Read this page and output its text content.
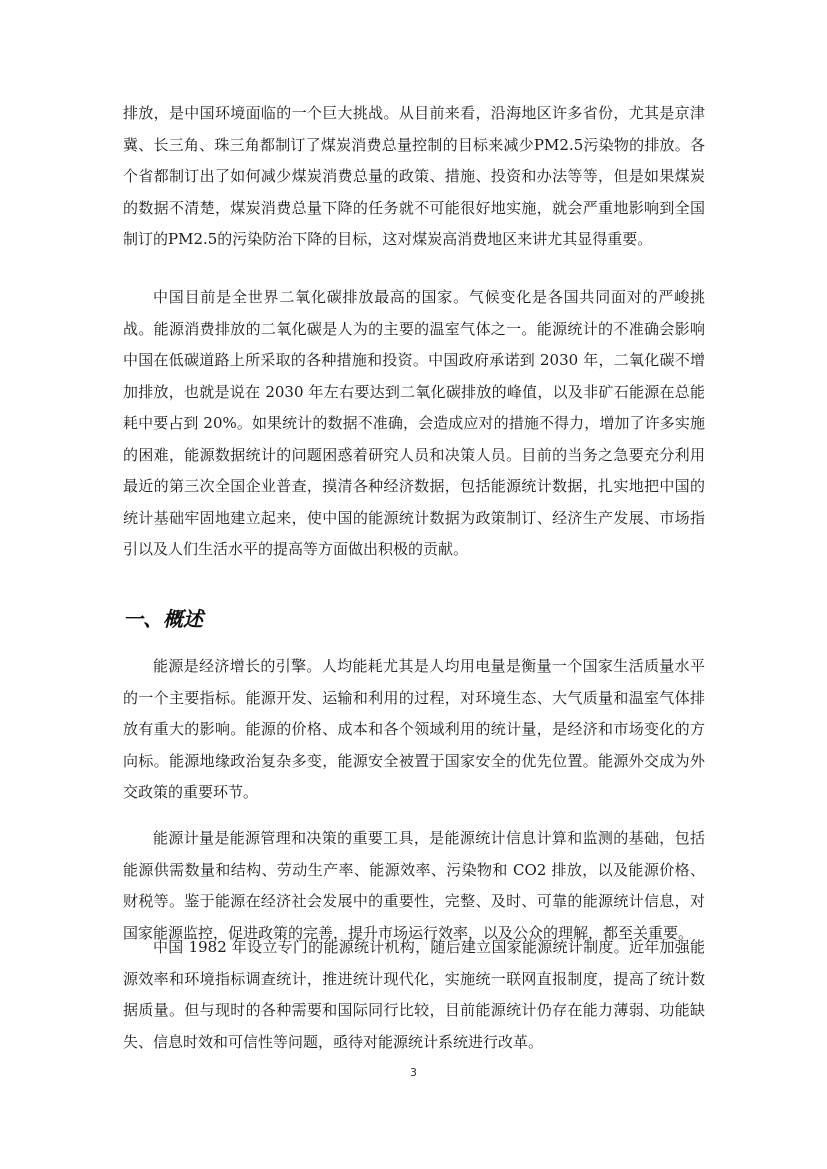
排放，是中国环境面临的一个巨大挑战。从目前来看，沿海地区许多省份，尤其是京津冀、长三角、珠三角都制订了煤炭消费总量控制的目标来减少PM2.5污染物的排放。各个省都制订出了如何减少煤炭消费总量的政策、措施、投资和办法等等，但是如果煤炭的数据不清楚，煤炭消费总量下降的任务就不可能很好地实施，就会严重地影响到全国制订的PM2.5的污染防治下降的目标，这对煤炭高消费地区来讲尤其显得重要。

中国目前是全世界二氧化碳排放最高的国家。气候变化是各国共同面对的严峻挑战。能源消费排放的二氧化碳是人为的主要的温室气体之一。能源统计的不准确会影响中国在低碳道路上所采取的各种措施和投资。中国政府承诺到 2030 年，二氧化碳不增加排放，也就是说在 2030 年左右要达到二氧化碳排放的峰值，以及非矿石能源在总能耗中要占到 20%。如果统计的数据不准确，会造成应对的措施不得力，增加了许多实施的困难，能源数据统计的问题困惑着研究人员和决策人员。目前的当务之急要充分利用最近的第三次全国企业普查，摸清各种经济数据，包括能源统计数据，扎实地把中国的统计基础牢固地建立起来，使中国的能源统计数据为政策制订、经济生产发展、市场指引以及人们生活水平的提高等方面做出积极的贡献。

一、概述

能源是经济增长的引擎。人均能耗尤其是人均用电量是衡量一个国家生活质量水平的一个主要指标。能源开发、运输和利用的过程，对环境生态、大气质量和温室气体排放有重大的影响。能源的价格、成本和各个领域利用的统计量，是经济和市场变化的方向标。能源地缘政治复杂多变，能源安全被置于国家安全的优先位置。能源外交成为外交政策的重要环节。

能源计量是能源管理和决策的重要工具，是能源统计信息计算和监测的基础，包括能源供需数量和结构、劳动生产率、能源效率、污染物和 CO2 排放，以及能源价格、财税等。鉴于能源在经济社会发展中的重要性，完整、及时、可靠的能源统计信息，对国家能源监控，促进政策的完善，提升市场运行效率，以及公众的理解，都至关重要。

中国 1982 年设立专门的能源统计机构，随后建立国家能源统计制度。近年加强能源效率和环境指标调查统计，推进统计现代化，实施统一联网直报制度，提高了统计数据质量。但与现时的各种需要和国际同行比较，目前能源统计仍存在能力薄弱、功能缺失、信息时效和可信性等问题，亟待对能源统计系统进行改革。

3
